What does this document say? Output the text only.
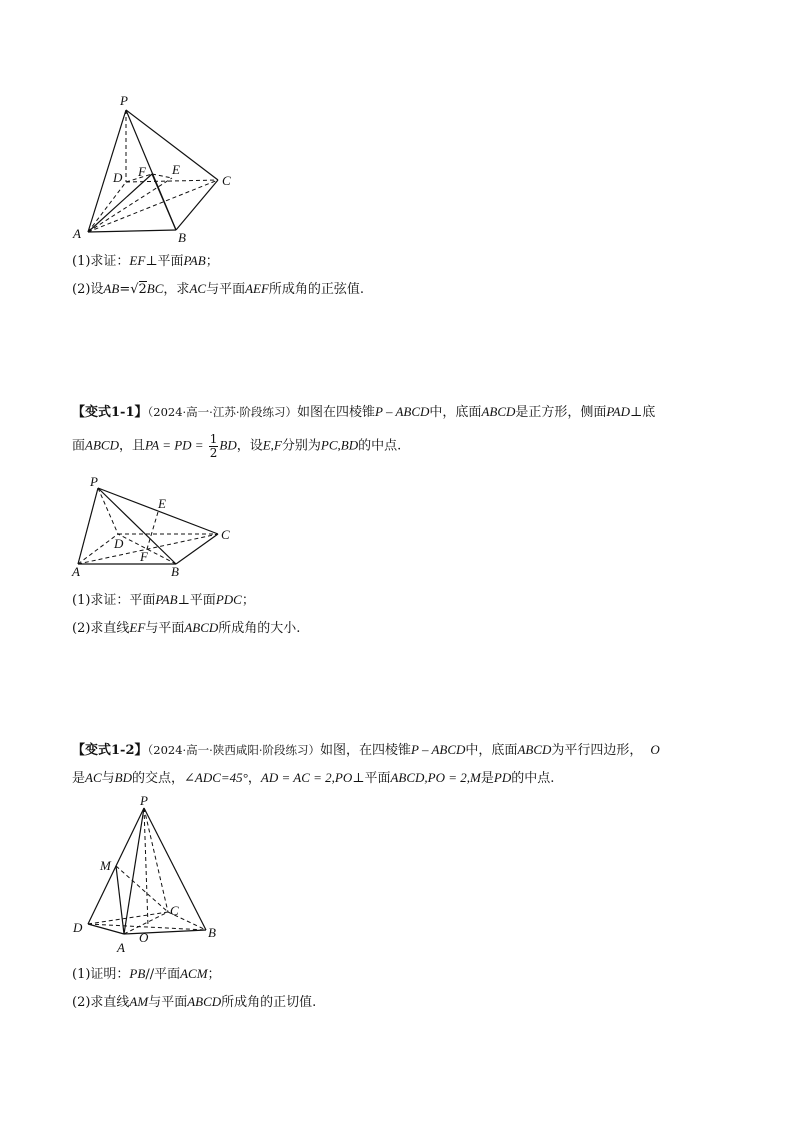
P
D F E
C
A	B
(1)求证：EF⊥平面PAB；
(2)设AB=√2BC，求AC与平面AEF所成角的正弦值.
【变式1-1】（2024·高一·江苏·阶段练习）如图在四棱锥P – ABCD中，底面ABCD是正方形，侧面PAD⊥底
面ABCD，且PA = PD = $\frac{1}{2}$ BD，设E,F分别为PC,BD的中点.
P
E
D
C
F
A	B
(1)求证：平面PAB⊥平面PDC；
(2)求直线EF与平面ABCD所成角的大小.
【变式1-2】（2024·高一·陕西咸阳·阶段练习）如图，在四棱锥P – ABCD中，底面ABCD为平行四边形， O
是AC与BD的交点，∠ADC=45°，AD = AC = 2,PO⊥平面ABCD,PO = 2,M是PD的中点.
P
M
C
D
O
A
B
(1)证明：PB//平面ACM；
(2)求直线AM与平面ABCD所成角的正切值.
